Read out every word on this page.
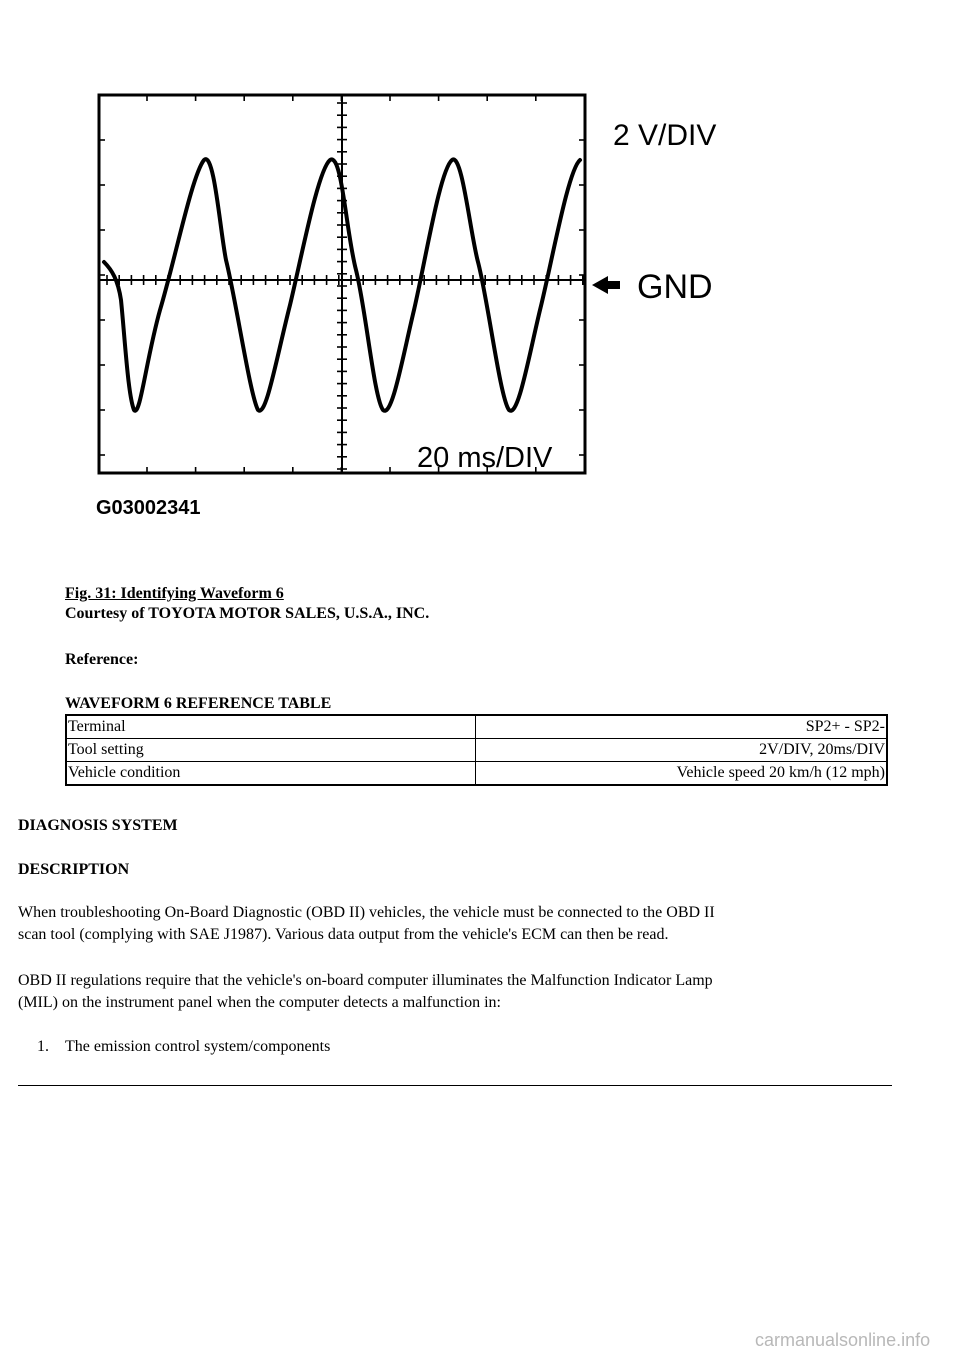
2 V/DIV
GND
20 ms/DIV
G03002341
Fig. 31: Identifying Waveform 6
Courtesy of TOYOTA MOTOR SALES, U.S.A., INC.
Reference:
WAVEFORM 6 REFERENCE TABLE
Terminal	SP2+ - SP2-
Tool setting	2V/DIV, 20ms/DIV
Vehicle condition	Vehicle speed 20 km/h (12 mph)
DIAGNOSIS SYSTEM
DESCRIPTION
When troubleshooting On-Board Diagnostic (OBD II) vehicles, the vehicle must be connected to the OBD II
scan tool (complying with SAE J1987). Various data output from the vehicle's ECM can then be read.
OBD II regulations require that the vehicle's on-board computer illuminates the Malfunction Indicator Lamp
(MIL) on the instrument panel when the computer detects a malfunction in:
1. The emission control system/components
carmanualsonline.info
